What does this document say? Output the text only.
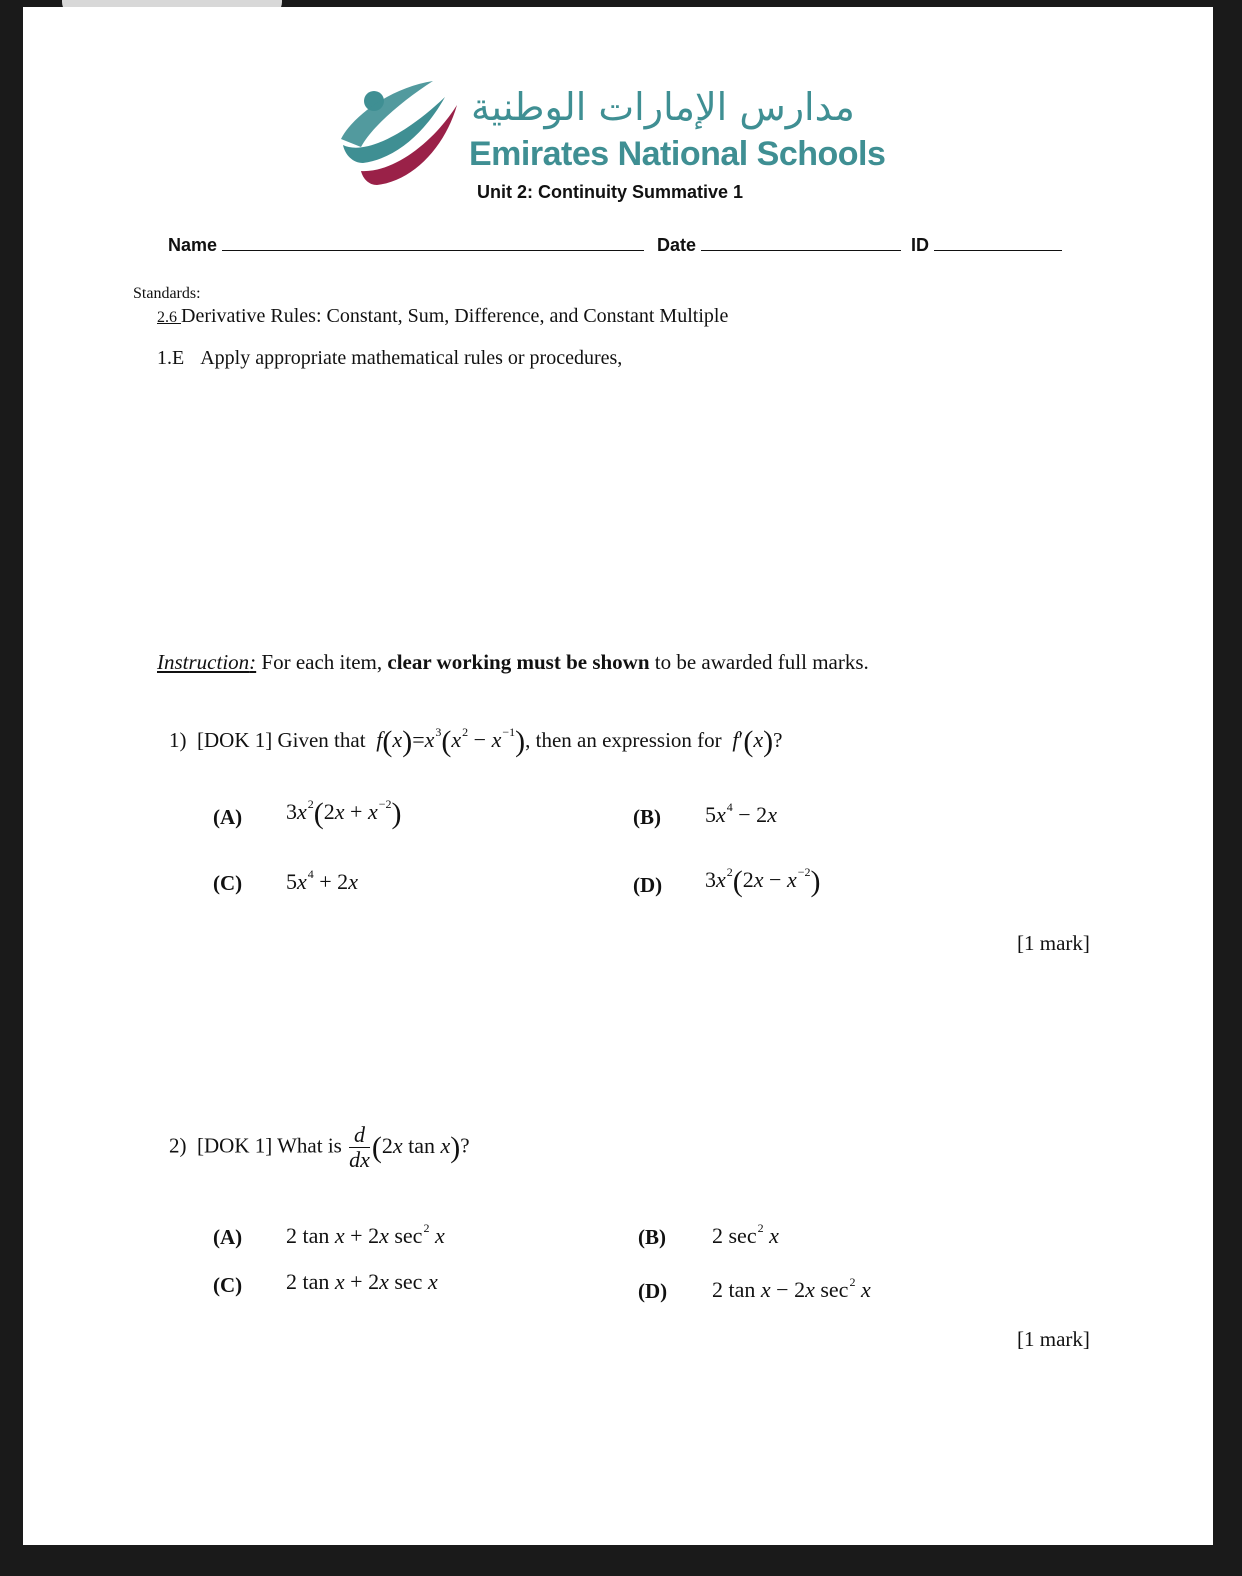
مدارس الإمارات الوطنية
Emirates National Schools
Unit 2: Continuity Summative 1
Name	Date	ID
Standards:
2.6 Derivative Rules: Constant, Sum, Difference, and Constant Multiple
1.E Apply appropriate mathematical rules or procedures,
Instruction: For each item, clear working must be shown to be awarded full marks.
1) [DOK 1] Given that $f(x)=x^3(x^2 - x^{-1})$, then an expression for f′(x)?
(A) $3x^2(2x + x^{-2})$	(B) $5x^4 - 2x$
(C) $5x^4 + 2x$	(D) $3x^2(2x - x^{-2})$
[1 mark]
2) [DOK 1] What is $\frac{d}{dx} (2x$ tan x)?
(A) 2 tan x + 2x $\sec^2 x$	(B) 2 $\sec^2 x$
(C) 2 tan x + 2x sec x	(D) 2 tan x − 2x $\sec^2 x$
[1 mark]
